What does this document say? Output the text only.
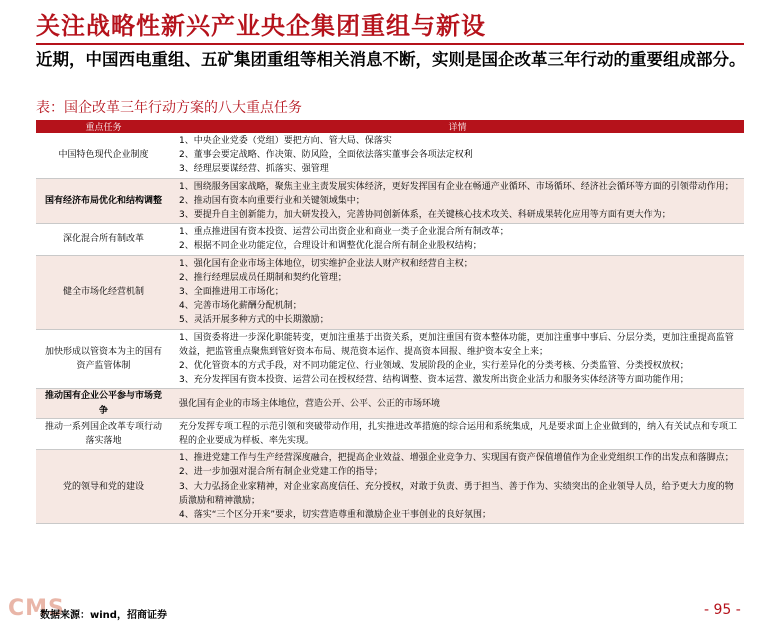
关注战略性新兴产业央企集团重组与新设
近期，中国西电重组、五矿集团重组等相关消息不断，实则是国企改革三年行动的重要组成部分。
表：国企改革三年行动方案的八大重点任务
重点任务	详情
中国特色现代企业制度	1、中央企业党委（党组）要把方向、管大局、保落实
2、董事会要定战略、作决策、防风险，全面依法落实董事会各项法定权利
3、经理层要谋经营、抓落实、强管理

国有经济布局优化和结构调整	1、围绕服务国家战略，聚焦主业主责发展实体经济，更好发挥国有企业在畅通产业循环、市场循环、经济社会循环等方面的引领带动作用；
2、推动国有资本向重要行业和关键领域集中；
3、要提升自主创新能力，加大研发投入，完善协同创新体系，在关键核心技术攻关、科研成果转化应用等方面有更大作为；

深化混合所有制改革	1、重点推进国有资本投资、运营公司出资企业和商业一类子企业混合所有制改革；
2、根据不同企业功能定位，合理设计和调整优化混合所有制企业股权结构；

健全市场化经营机制	1、强化国有企业市场主体地位，切实维护企业法人财产权和经营自主权；
2、推行经理层成员任期制和契约化管理；
3、全面推进用工市场化；
4、完善市场化薪酬分配机制；
5、灵活开展多种方式的中长期激励；

加快形成以管资本为主的国有资产监管体制	1、国资委将进一步深化职能转变，更加注重基于出资关系，更加注重国有资本整体功能，更加注重事中事后、分层分类，更加注重提高监管效益，把监管重点聚焦到管好资本布局、规范资本运作、提高资本回报、维护资本安全上来；
2、优化管资本的方式手段，对不同功能定位、行业领域、发展阶段的企业，实行差异化的分类考核、分类监管、分类授权放权；
3、充分发挥国有资本投资、运营公司在授权经营、结构调整、资本运营、激发所出资企业活力和服务实体经济等方面功能作用；

推动国有企业公平参与市场竞争	强化国有企业的市场主体地位，营造公开、公平、公正的市场环境

推动一系列国企改革专项行动落实落地	充分发挥专项工程的示范引领和突破带动作用，扎实推进改革措施的综合运用和系统集成，凡是要求面上企业做到的，纳入有关试点和专项工程的企业要成为样板、率先实现。

党的领导和党的建设	1、推进党建工作与生产经营深度融合，把提高企业效益、增强企业竞争力、实现国有资产保值增值作为企业党组织工作的出发点和落脚点；
2、进一步加强对混合所有制企业党建工作的指导；
3、大力弘扬企业家精神，对企业家高度信任、充分授权，对敢于负责、勇于担当、善于作为、实绩突出的企业领导人员，给予更大力度的物质激励和精神激励；
4、落实“三个区分开来”要求，切实营造尊重和激励企业干事创业的良好氛围；
CMS
数据来源：wind，招商证券	- 95 -
